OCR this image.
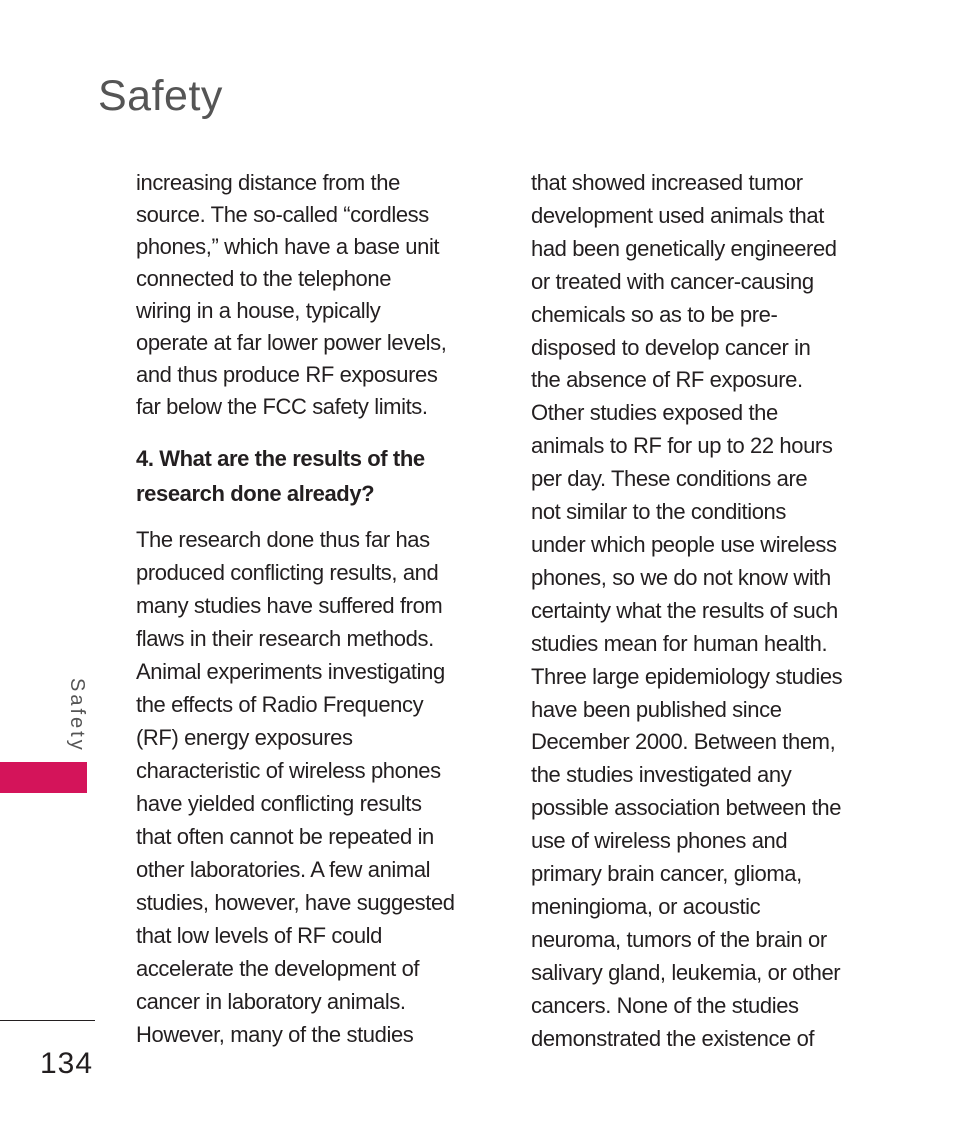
Safety
Safety
134
increasing distance from the
source. The so-called “cordless
phones,” which have a base unit
connected to the telephone
wiring in a house, typically
operate at far lower power levels,
and thus produce RF exposures
far below the FCC safety limits.
4. What are the results of the
research done already?
The research done thus far has
produced conflicting results, and
many studies have suffered from
flaws in their research methods.
Animal experiments investigating
the effects of Radio Frequency
(RF) energy exposures
characteristic of wireless phones
have yielded conflicting results
that often cannot be repeated in
other laboratories. A few animal
studies, however, have suggested
that low levels of RF could
accelerate the development of
cancer in laboratory animals.
However, many of the studies
that showed increased tumor
development used animals that
had been genetically engineered
or treated with cancer-causing
chemicals so as to be pre-
disposed to develop cancer in
the absence of RF exposure.
Other studies exposed the
animals to RF for up to 22 hours
per day. These conditions are
not similar to the conditions
under which people use wireless
phones, so we do not know with
certainty what the results of such
studies mean for human health.
Three large epidemiology studies
have been published since
December 2000. Between them,
the studies investigated any
possible association between the
use of wireless phones and
primary brain cancer, glioma,
meningioma, or acoustic
neuroma, tumors of the brain or
salivary gland, leukemia, or other
cancers. None of the studies
demonstrated the existence of
